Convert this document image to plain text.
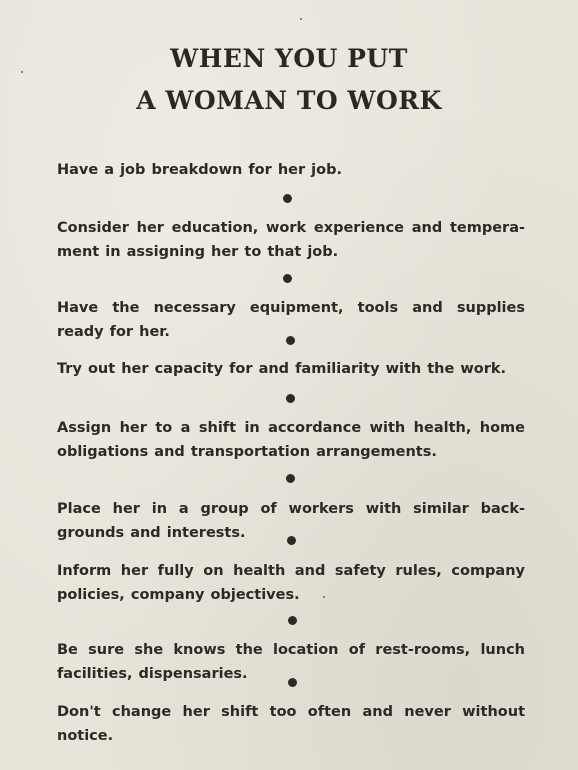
WHEN YOU PUT
A WOMAN TO WORK

Have a job breakdown for her job.

Consider her education, work experience and tempera-ment in assigning her to that job.

Have the necessary equipment, tools and supplies ready for her.

Try out her capacity for and familiarity with the work.

Assign her to a shift in accordance with health, home obligations and transportation arrangements.

Place her in a group of workers with similar back-grounds and interests.

Inform her fully on health and safety rules, company policies, company objectives.

Be sure she knows the location of rest-rooms, lunch facilities, dispensaries.

Don't change her shift too often and never without notice.
